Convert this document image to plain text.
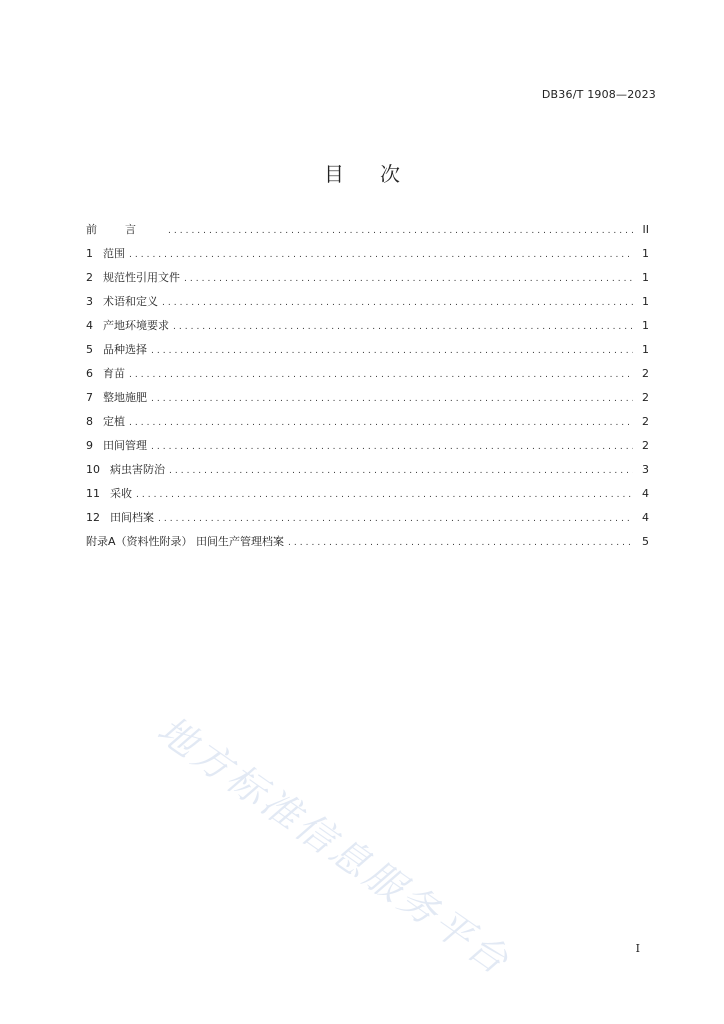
DB36/T 1908—2023
目次
前言 .....	II
1 范围 .....	1
2 规范性引用文件 .....	1
3 术语和定义 .....	1
4 产地环境要求 .....	1
5 品种选择 .....	1
6 育苗 .....	2
7 整地施肥 .....	2
8 定植 .....	2
9 田间管理 .....	2
10 病虫害防治 .....	3
11 采收 .....	4
12 田间档案 .....	4
附录A（资料性附录） 田间生产管理档案 .....	5
地方标准信息服务平台	I
